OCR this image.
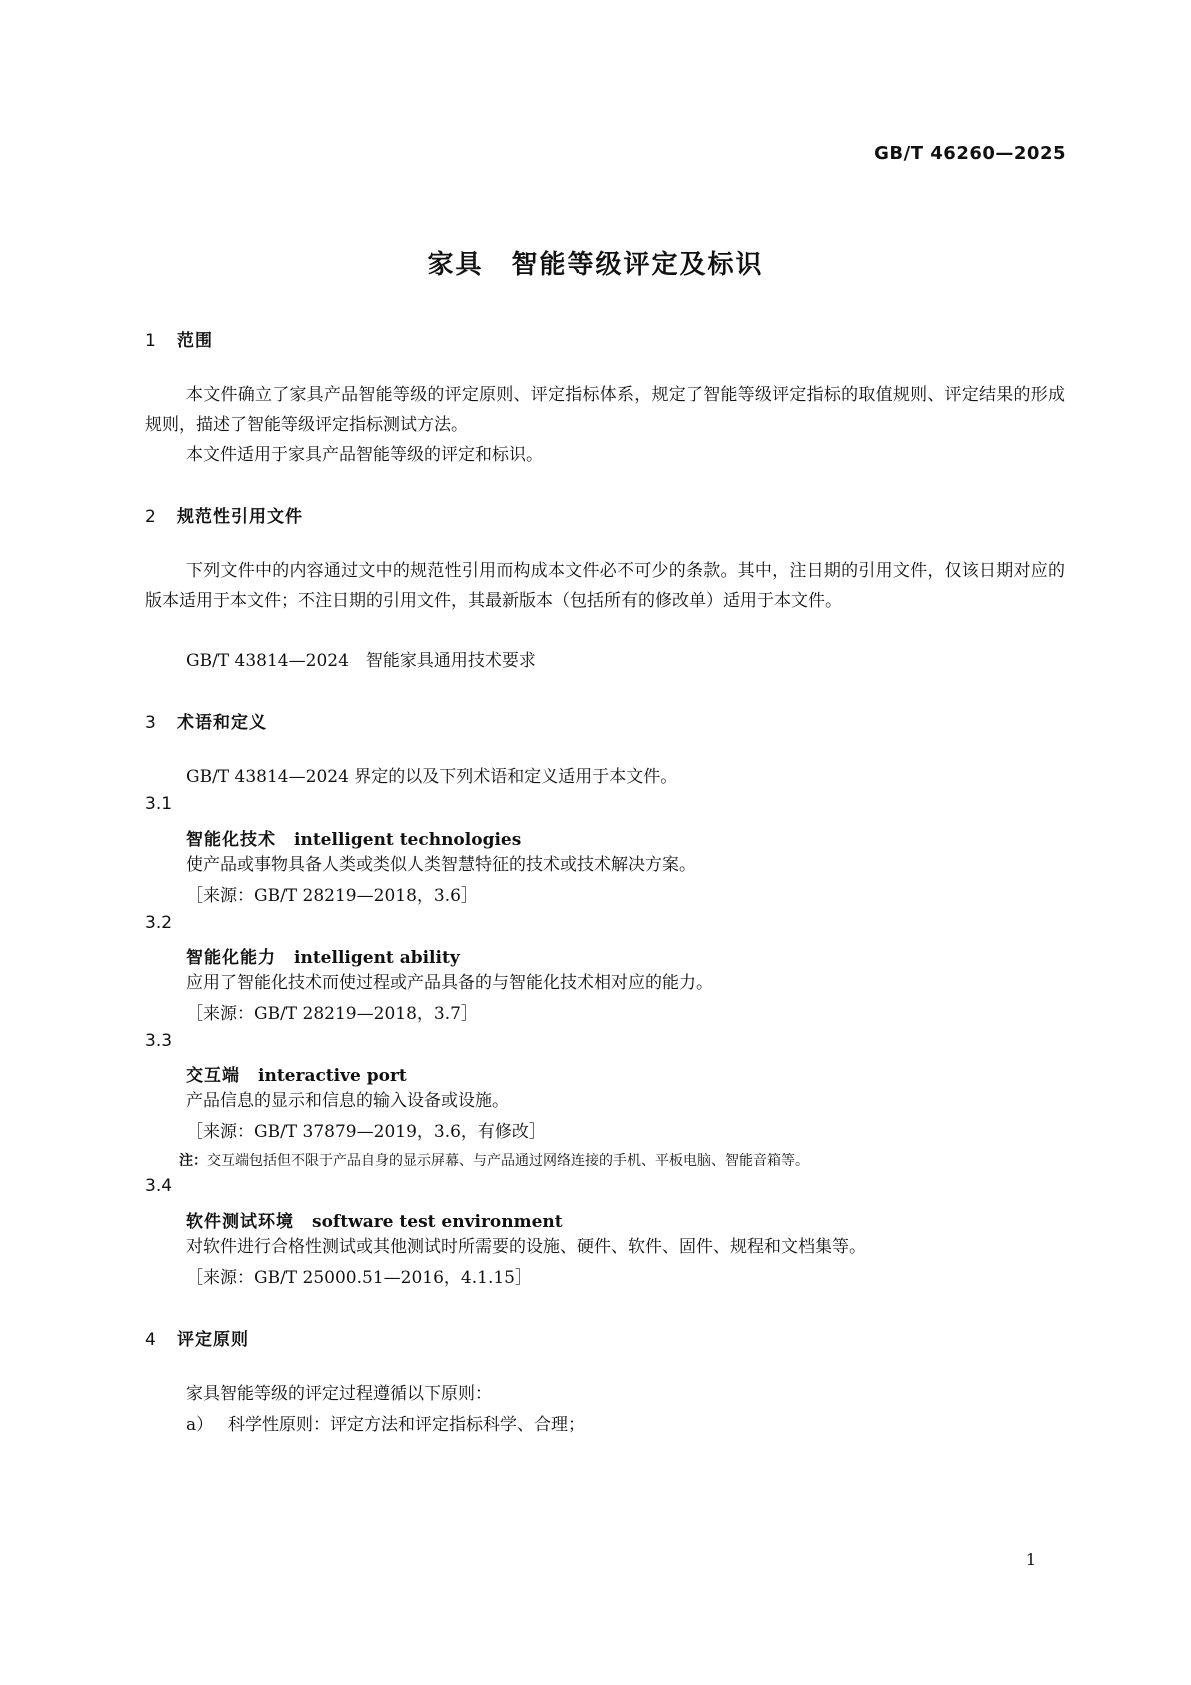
GB/T 46260—2025
家具　智能等级评定及标识
1 范围
本文件确立了家具产品智能等级的评定原则、评定指标体系，规定了智能等级评定指标的取值规则、评定结果的形成规则，描述了智能等级评定指标测试方法。
本文件适用于家具产品智能等级的评定和标识。
2 规范性引用文件
下列文件中的内容通过文中的规范性引用而构成本文件必不可少的条款。其中，注日期的引用文件，仅该日期对应的版本适用于本文件；不注日期的引用文件，其最新版本（包括所有的修改单）适用于本文件。
GB/T 43814—2024　智能家具通用技术要求
3 术语和定义
GB/T 43814—2024 界定的以及下列术语和定义适用于本文件。
3.1
智能化技术 intelligent technologies
使产品或事物具备人类或类似人类智慧特征的技术或技术解决方案。
［来源：GB/T 28219—2018，3.6］
3.2
智能化能力 intelligent ability
应用了智能化技术而使过程或产品具备的与智能化技术相对应的能力。
［来源：GB/T 28219—2018，3.7］
3.3
交互端 interactive port
产品信息的显示和信息的输入设备或设施。
［来源：GB/T 37879—2019，3.6，有修改］
注：交互端包括但不限于产品自身的显示屏幕、与产品通过网络连接的手机、平板电脑、智能音箱等。
3.4
软件测试环境 software test environment
对软件进行合格性测试或其他测试时所需要的设施、硬件、软件、固件、规程和文档集等。
［来源：GB/T 25000.51—2016，4.1.15］
4 评定原则
家具智能等级的评定过程遵循以下原则：
a） 科学性原则：评定方法和评定指标科学、合理；
1
